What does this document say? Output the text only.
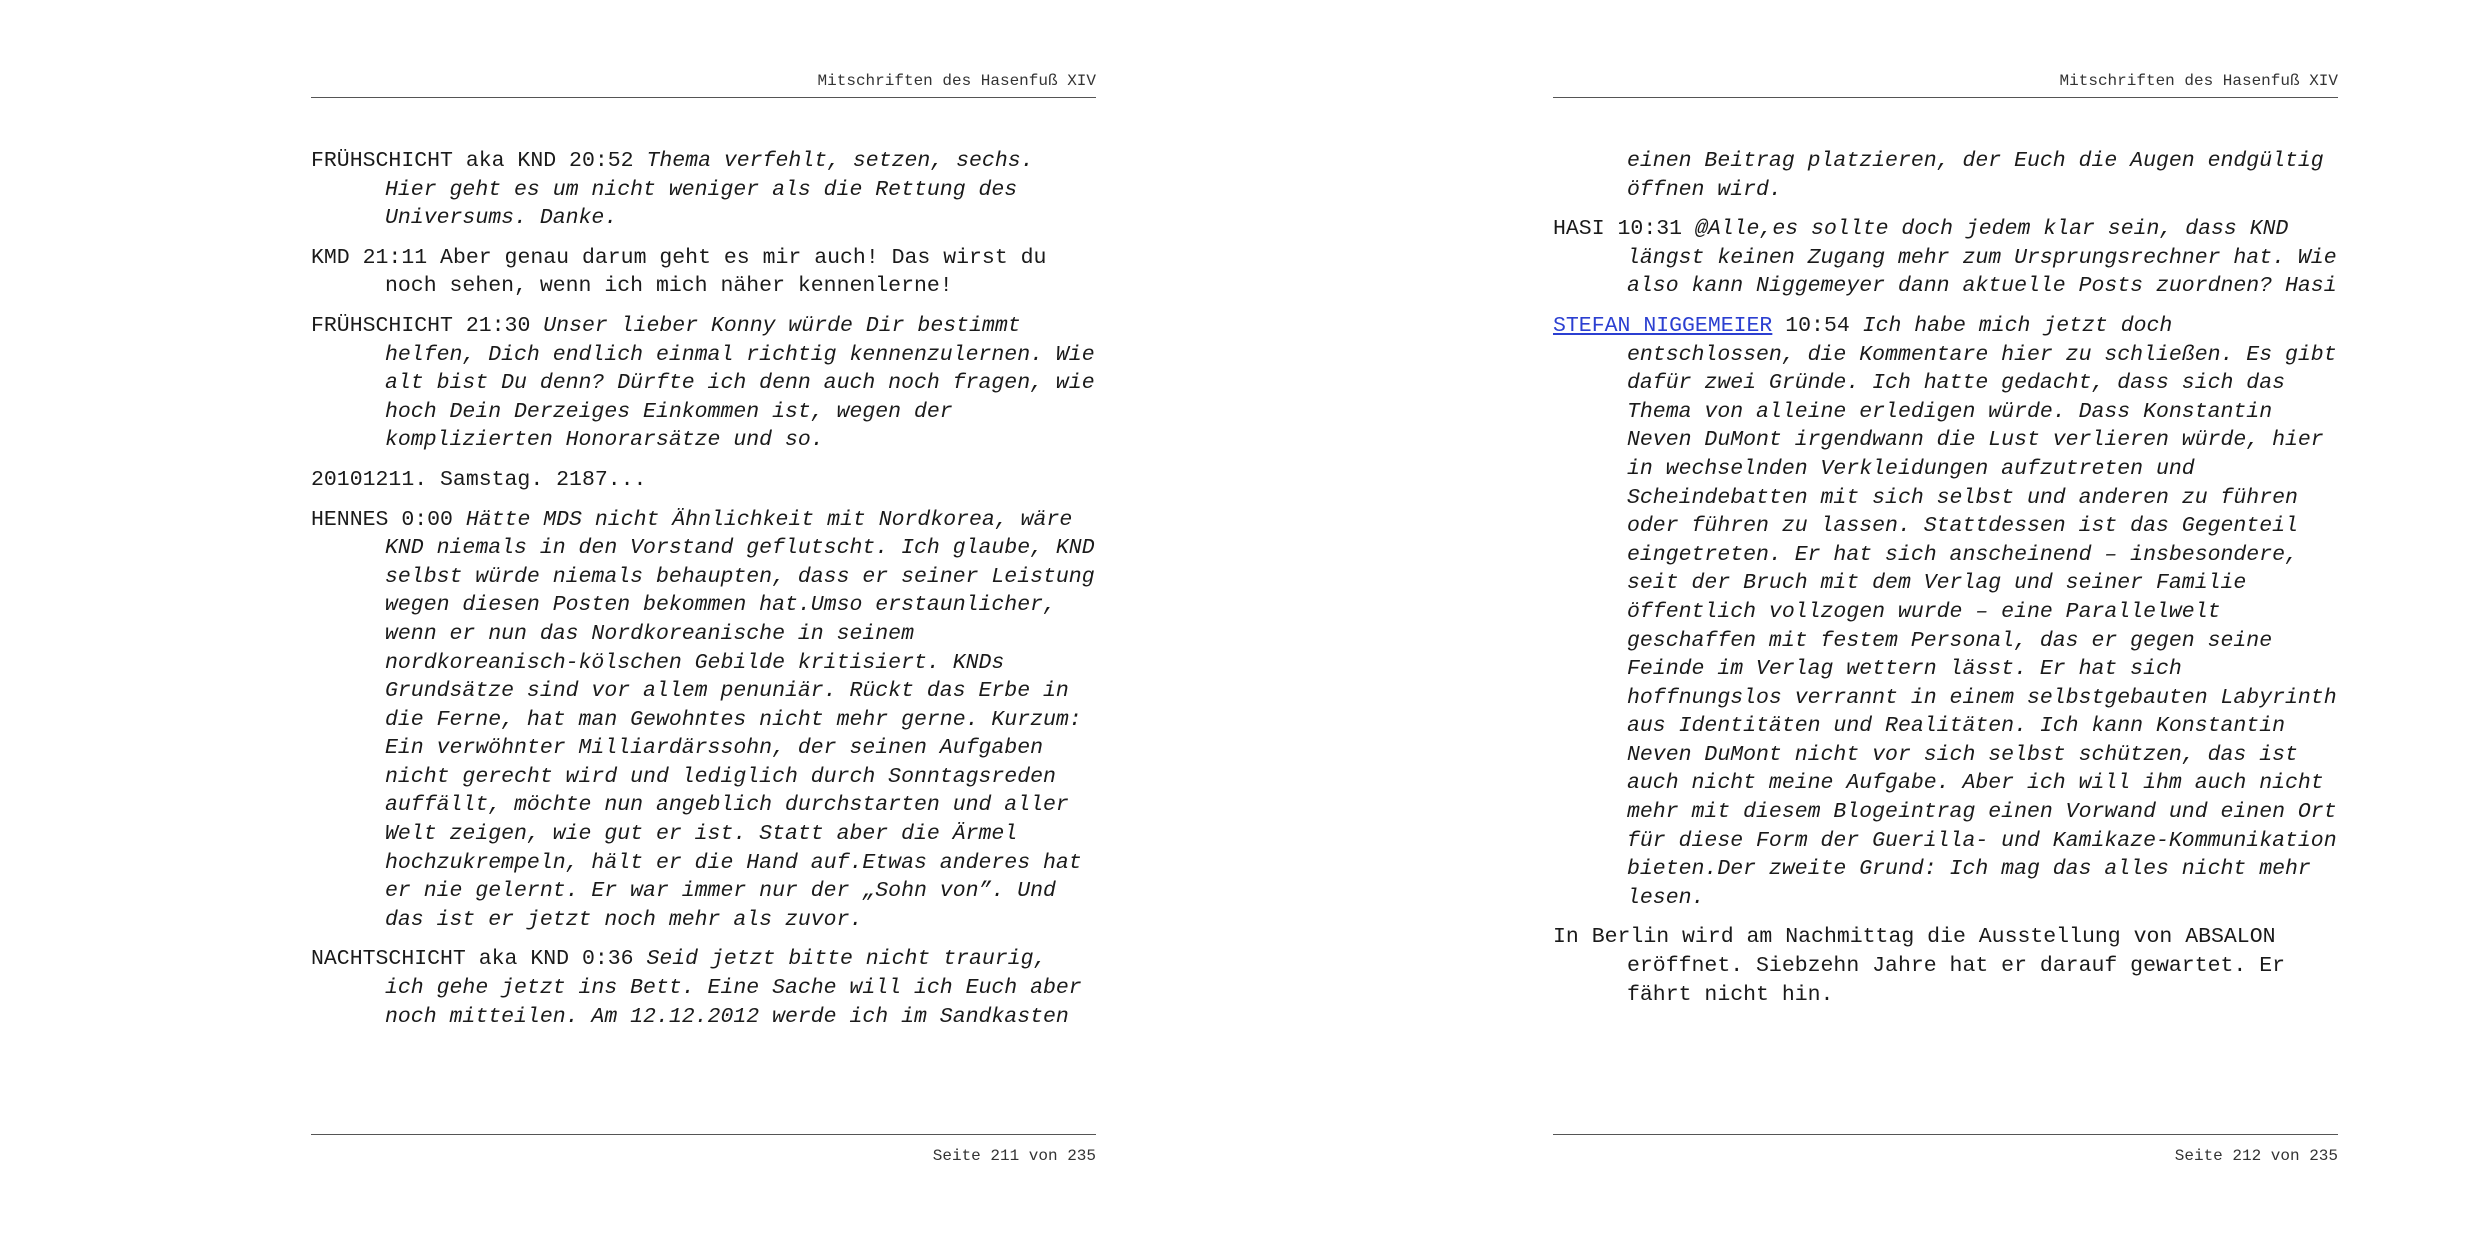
Mitschriften des Hasenfuß XIV

FRÜHSCHICHT aka KND 20:52 Thema verfehlt, setzen, sechs. Hier geht es um nicht weniger als die Rettung des Universums. Danke.

KMD 21:11 Aber genau darum geht es mir auch! Das wirst du noch sehen, wenn ich mich näher kennenlerne!

FRÜHSCHICHT 21:30 Unser lieber Konny würde Dir bestimmt helfen, Dich endlich einmal richtig kennenzulernen. Wie alt bist Du denn? Dürfte ich denn auch noch fragen, wie hoch Dein Derzeiges Einkommen ist, wegen der komplizierten Honorarsätze und so.

20101211. Samstag. 2187...

HENNES 0:00 Hätte MDS nicht Ähnlichkeit mit Nordkorea, wäre KND niemals in den Vorstand geflutscht. Ich glaube, KND selbst würde niemals behaupten, dass er seiner Leistung wegen diesen Posten bekommen hat.Umso erstaunlicher, wenn er nun das Nordkoreanische in seinem nordkoreanisch-kölschen Gebilde kritisiert. KNDs Grundsätze sind vor allem penuniär. Rückt das Erbe in die Ferne, hat man Gewohntes nicht mehr gerne. Kurzum: Ein verwöhnter Milliardärssohn, der seinen Aufgaben nicht gerecht wird und lediglich durch Sonntagsreden auffällt, möchte nun angeblich durchstarten und aller Welt zeigen, wie gut er ist. Statt aber die Ärmel hochzukrempeln, hält er die Hand auf.Etwas anderes hat er nie gelernt. Er war immer nur der „Sohn von”. Und das ist er jetzt noch mehr als zuvor.

NACHTSCHICHT aka KND 0:36 Seid jetzt bitte nicht traurig, ich gehe jetzt ins Bett. Eine Sache will ich Euch aber noch mitteilen. Am 12.12.2012 werde ich im Sandkasten

Seite 211 von 235
Mitschriften des Hasenfuß XIV

einen Beitrag platzieren, der Euch die Augen endgültig öffnen wird.

HASI 10:31 @Alle,es sollte doch jedem klar sein, dass KND längst keinen Zugang mehr zum Ursprungsrechner hat. Wie also kann Niggemeyer dann aktuelle Posts zuordnen? Hasi

STEFAN NIGGEMEIER 10:54 Ich habe mich jetzt doch entschlossen, die Kommentare hier zu schließen. Es gibt dafür zwei Gründe. Ich hatte gedacht, dass sich das Thema von alleine erledigen würde. Dass Konstantin Neven DuMont irgendwann die Lust verlieren würde, hier in wechselnden Verkleidungen aufzutreten und Scheindebatten mit sich selbst und anderen zu führen oder führen zu lassen. Stattdessen ist das Gegenteil eingetreten. Er hat sich anscheinend – insbesondere, seit der Bruch mit dem Verlag und seiner Familie öffentlich vollzogen wurde – eine Parallelwelt geschaffen mit festem Personal, das er gegen seine Feinde im Verlag wettern lässt. Er hat sich hoffnungslos verrannt in einem selbstgebauten Labyrinth aus Identitäten und Realitäten. Ich kann Konstantin Neven DuMont nicht vor sich selbst schützen, das ist auch nicht meine Aufgabe. Aber ich will ihm auch nicht mehr mit diesem Blogeintrag einen Vorwand und einen Ort für diese Form der Guerilla- und Kamikaze-Kommunikation bieten.Der zweite Grund: Ich mag das alles nicht mehr lesen.

In Berlin wird am Nachmittag die Ausstellung von ABSALON eröffnet. Siebzehn Jahre hat er darauf gewartet. Er fährt nicht hin.

Seite 212 von 235
